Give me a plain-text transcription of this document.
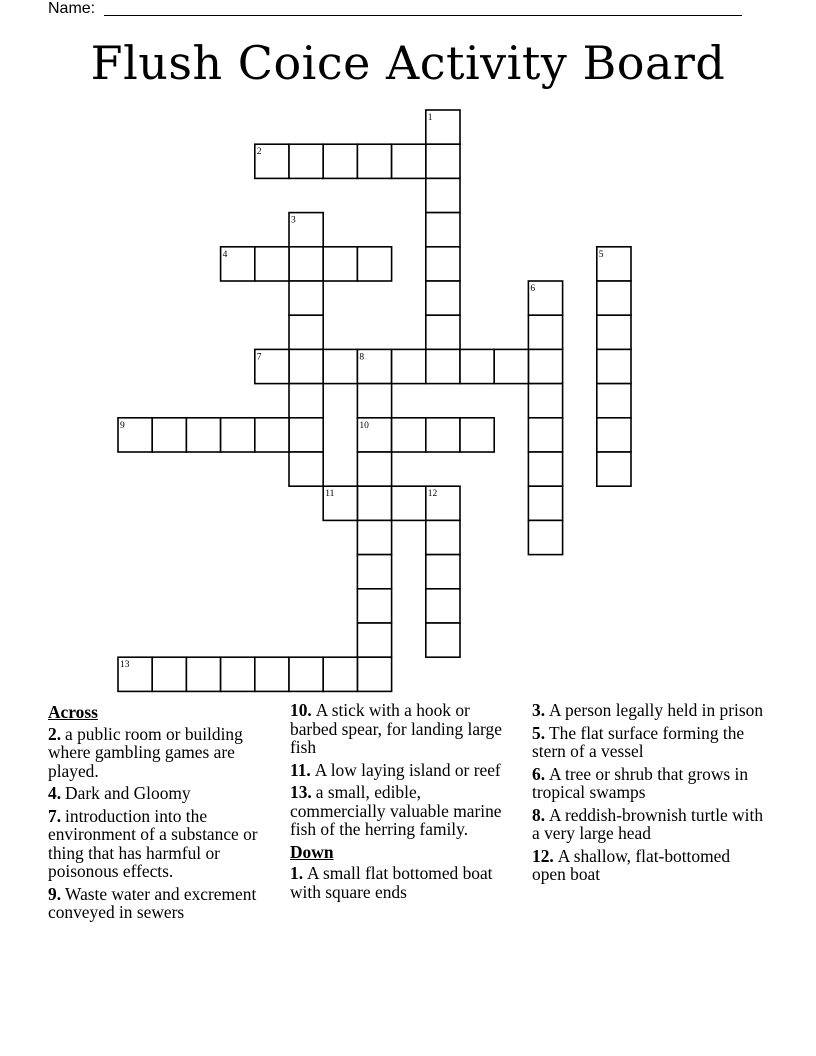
Name:
Flush Coice Activity Board
1
2
3
4	5
6
7	8
9	10
11	12
13
Across
2. a public room or building where gambling games are played.
4. Dark and Gloomy
7. introduction into the environment of a substance or thing that has harmful or poisonous effects.
9. Waste water and excrement conveyed in sewers
10. A stick with a hook or barbed spear, for landing large fish
11. A low laying island or reef
13. a small, edible, commercially valuable marine fish of the herring family.
Down
1. A small flat bottomed boat with square ends
3. A person legally held in prison
5. The flat surface forming the stern of a vessel
6. A tree or shrub that grows in tropical swamps
8. A reddish-brownish turtle with a very large head
12. A shallow, flat-bottomed open boat
